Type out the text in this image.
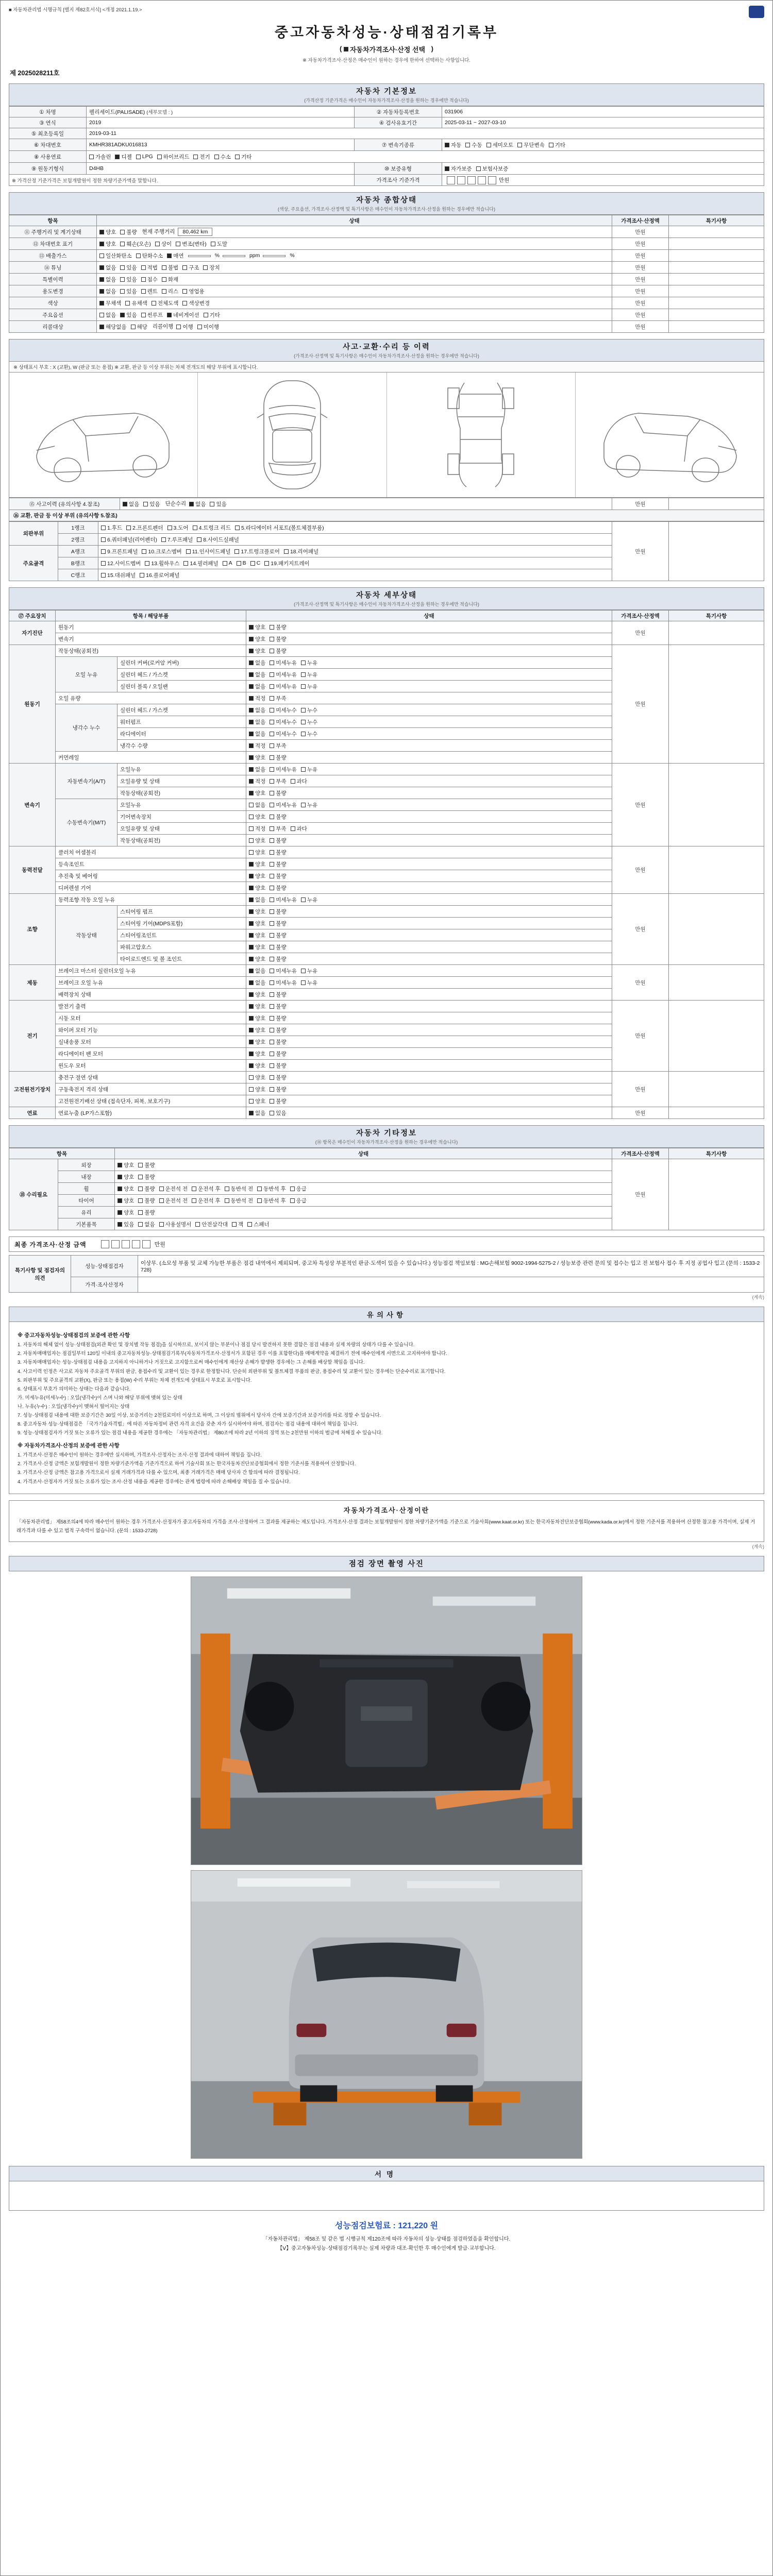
■ 자동차관리법 시행규칙 [별지 제82호서식] <개정 2021.1.19.>
중고자동차성능·상태점검기록부
( 자동차가격조사·산정 선택 )
※ 자동차가격조사·산정은 매수인이 원하는 경우에 한하여 선택하는 사항입니다.
제 2025028211호
자동차 기본정보
(가격산정 기준가격은 매수인이 자동차가격조사·산정을 원하는 경우에만 적습니다)
① 차명	펠리세이드(PALISADE) (세부모델 : )	② 자동차등록번호	031906
③ 연식	2019	④ 검사유효기간	2025-03-11 ~ 2027-03-10
⑤ 최초등록일	2019-03-11		
⑥ 차대번호	KMHR381ADKU016813	⑦ 변속기종류	자동 수동 세미오토 무단변속 기타

⑧ 사용연료	가솔린 디젤 LPG 하이브리드 전기 수소 기타

⑨ 원동기형식	D4HB	⑩ 보증유형	자가보증 보험사보증

※ 가격산정 기준가격은 보험개발원이 정한 차량기준가액을 말합니다.		가격조사 기준가격	만원
자동차 종합상태
(색상, 주요옵션, 가격조사·산정액 및 특기사항은 매수인이 자동차가격조사·산정을 원하는 경우에만 적습니다)
항목	상태	가격조사·산정액	특기사항
⑪ 주행거리 및 계기상태	양호 불량 현재 주행거리 80,462 km	만원	
⑫ 차대번호 표기	양호 훼손(오손) 상이 변조(변타) 도말	만원	
⑬ 배출가스	일산화탄소 탄화수소 매연 % ppm %	만원	
⑭ 튜닝	없음 있음 적법 불법 구조 장치	만원	
특별이력	없음 있음 침수 화재	만원	
용도변경	없음 있음 렌트 리스 영업용	만원	
색상	무채색 유채색 전체도색 색상변경	만원	
주요옵션	없음 있음 썬루프 네비게이션 기타	만원	
리콜대상	해당없음 해당 리콜이행 이행 미이행	만원	
사고·교환·수리 등 이력
(가격조사·산정액 및 특기사항은 매수인이 자동차가격조사·산정을 원하는 경우에만 적습니다)
※ 상태표시 부호 : X (교환), W (판금 또는 용접) ※ 교환, 판금 등 이상 부위는 차체 전개도의 해당 부위에 표시합니다.
⑮ 사고이력 (유의사항 4.참조)	없음 있음 단순수리 없음 있음	만원	
⑯ 교환, 판금 등 이상 부위 (유의사항 5.참조)
외판부위	1랭크	1.후드 2.프론트펜더 3.도어 4.트렁크 리드 5.라디에이터 서포트(볼트체결부품)	만원	
	2랭크	6.쿼터패널(리어펜더) 7.루프패널 8.사이드실패널		

주요골격	A랭크	9.프론트패널 10.크로스멤버 11.인사이드패널 17.트렁크플로어 18.리어패널		

B랭크	12.사이드멤버 13.휠하우스 14.필러패널 A B C 19.패키지트레이

	C랭크	15.대쉬패널 16.플로어패널		
자동차 세부상태
(가격조사·산정액 및 특기사항은 매수인이 자동차가격조사·산정을 원하는 경우에만 적습니다)
⑰ 주요장치	항목 / 해당부품		상태	가격조사·산정액	특기사항
자기진단	원동기		양호 불량	만원	
	변속기		양호 불량		

원동기	작동상태(공회전)		양호 불량	만원	
	오일 누유	실린더 커버(로커암 커버)	없음 미세누유 누유		

		실린더 헤드 / 가스켓	없음 미세누유 누유		

		실린더 블록 / 오일팬	없음 미세누유 누유		

	오일 유량		적정 부족		

	냉각수 누수	실린더 헤드 / 가스켓	없음 미세누수 누수		

		워터펌프	없음 미세누수 누수		

		라디에이터	없음 미세누수 누수		

		냉각수 수량	적정 부족		

	커먼레일		양호 불량		

변속기	자동변속기(A/T)	오일누유	없음 미세누유 누유	만원	
		오일유량 및 상태	적정 부족 과다		

		작동상태(공회전)	양호 불량		

	수동변속기(M/T)	오일누유	없음 미세누유 누유		

		기어변속장치	양호 불량		

		오일유량 및 상태	적정 부족 과다		

		작동상태(공회전)	양호 불량		

동력전달	클러치 어셈블리		양호 불량	만원	
	등속조인트		양호 불량		

	추진축 및 베어링		양호 불량		

	디퍼렌셜 기어		양호 불량		

조향	동력조향 작동 오일 누유		없음 미세누유 누유	만원	
	작동상태	스티어링 펌프	양호 불량		

		스티어링 기어(MDPS포함)	양호 불량		

		스티어링조인트	양호 불량		

		파워고압호스	양호 불량		

		타이로드엔드 및 볼 조인트	양호 불량		

제동	브레이크 마스터 실린더오일 누유		없음 미세누유 누유	만원	
	브레이크 오일 누유		없음 미세누유 누유		

	배력장치 상태		양호 불량		

전기	발전기 출력		양호 불량	만원	
	시동 모터		양호 불량		

	와이퍼 모터 기능		양호 불량		

	실내송풍 모터		양호 불량		

	라디에이터 팬 모터		양호 불량		

	윈도우 모터		양호 불량		

고전원전기장치	충전구 절연 상태		양호 불량	만원	
	구동축전지 격리 상태		양호 불량		

	고전원전기배선 상태 (접속단자, 피복, 보호기구)		양호 불량		

연료	연료누출 (LP가스포함)		없음 있음	만원	
자동차 기타정보
(⑱ 항목은 매수인이 자동차가격조사·산정을 원하는 경우에만 적습니다)
항목		상태	가격조사·산정액	특기사항
⑱ 수리필요	외장	양호 불량	만원	
	내장	양호 불량		

휠	양호 불량 운전석 전 운전석 후 동반석 전 동반석 후 응급

타이어	양호 불량 운전석 전 운전석 후 동반석 전 동반석 후 응급

	유리	양호 불량		

기본품목	있음 없음 사용설명서 안전삼각대 잭 스패너
최종 가격조사·산정 금액	만원
특기사항 및 점검자의 의견	성능·상태점검자	이상무. (소모성 부품 및 교체 가능한 부품은 점검 내역에서 제외되며, 중고차 특성상 부분적인 판금·도색이 있을 수 있습니다.) 성능점검 책임보험 : MG손해보험 9002-1994-5275-2 / 성능보증 관련 문의 및 접수는 입고 전 보험사 접수 후 지정 공업사 입고 (문의 : 1533-2728)
	가격·조사산정자	
(계속)
유의사항
※ 중고자동차성능·상태점검의 보증에 관한 사항
1. 자동차의 해체 없이 성능·상태점검(외관 확인 및 장치별 작동 점검)을 실시하므로, 보이지 않는 부분이나 점검 당시 발견하지 못한 결함은 점검 내용과 실제 차량의 상태가 다를 수 있습니다.
2. 자동차매매업자는 점검일부터 120일 이내의 중고자동차성능·상태점검기록부(자동차가격조사·산정서가 포함된 경우 이를 포함한다)를 매매계약을 체결하기 전에 매수인에게 서면으로 고지하여야 합니다.
3. 자동차매매업자는 성능·상태점검 내용을 고지하지 아니하거나 거짓으로 고지함으로써 매수인에게 재산상 손해가 발생한 경우에는 그 손해를 배상할 책임을 집니다.
4. 사고이력 인정은 사고로 자동차 주요골격 부위의 판금, 용접수리 및 교환이 있는 경우로 한정합니다. 단순히 외판부위 및 볼트체결 부품의 판금, 용접수리 및 교환이 있는 경우에는 단순수리로 표기합니다.
5. 외판부위 및 주요골격의 교환(X), 판금 또는 용접(W) 수리 부위는 차체 전개도에 상태표시 부호로 표시합니다.
6. 상태표시 부호가 의미하는 상태는 다음과 같습니다.
가. 미세누유(미세누수) : 오일(냉각수)이 스며 나와 해당 부위에 맺혀 있는 상태
나. 누유(누수) : 오일(냉각수)이 맺혀서 떨어지는 상태
7. 성능·상태점검 내용에 대한 보증기간은 30일 이상, 보증거리는 2천킬로미터 이상으로 하며, 그 이상의 범위에서 당사자 간에 보증기간과 보증거리를 따로 정할 수 있습니다.
8. 중고자동차 성능·상태점검은 「국가기술자격법」에 따른 자동차정비 관련 자격 요건을 갖춘 자가 실시하여야 하며, 점검자는 점검 내용에 대하여 책임을 집니다.
9. 성능·상태점검자가 거짓 또는 오류가 있는 점검 내용을 제공한 경우에는 「자동차관리법」 제80조에 따라 2년 이하의 징역 또는 2천만원 이하의 벌금에 처해질 수 있습니다.
※ 자동차가격조사·산정의 보증에 관한 사항
1. 가격조사·산정은 매수인이 원하는 경우에만 실시하며, 가격조사·산정자는 조사·산정 결과에 대하여 책임을 집니다.
2. 가격조사·산정 금액은 보험개발원이 정한 차량기준가액을 기준가격으로 하여 기술사회 또는 한국자동차진단보증협회에서 정한 기준서를 적용하여 산정합니다.
3. 가격조사·산정 금액은 참고용 가격으로서 실제 거래가격과 다를 수 있으며, 최종 거래가격은 매매 당사자 간 합의에 따라 결정됩니다.
4. 가격조사·산정자가 거짓 또는 오류가 있는 조사·산정 내용을 제공한 경우에는 관계 법령에 따라 손해배상 책임을 질 수 있습니다.
자동차가격조사·산정이란
「자동차관리법」 제58조의4에 따라 매수인이 원하는 경우 가격조사·산정자가 중고자동차의 가격을 조사·산정하여 그 결과를 제공하는 제도입니다. 가격조사·산정 결과는 보험개발원이 정한 차량기준가액을 기준으로 기술사회(www.kaat.or.kr) 또는 한국자동차진단보증협회(www.kada.or.kr)에서 정한 기준서를 적용하여 산정한 참고용 가격이며, 실제 거래가격과 다를 수 있고 법적 구속력이 없습니다. (문의 : 1533-2728)
(계속)
점검 장면 촬영 사진
서명
성능점검보험료 : 121,220 원
「자동차관리법」 제58조 및 같은 법 시행규칙 제120조에 따라 자동차의 성능·상태를 점검하였음을 확인합니다.
【Ⅴ】중고자동차성능·상태점검기록부는 실제 차량과 대조·확인한 후 매수인에게 발급·교부합니다.
